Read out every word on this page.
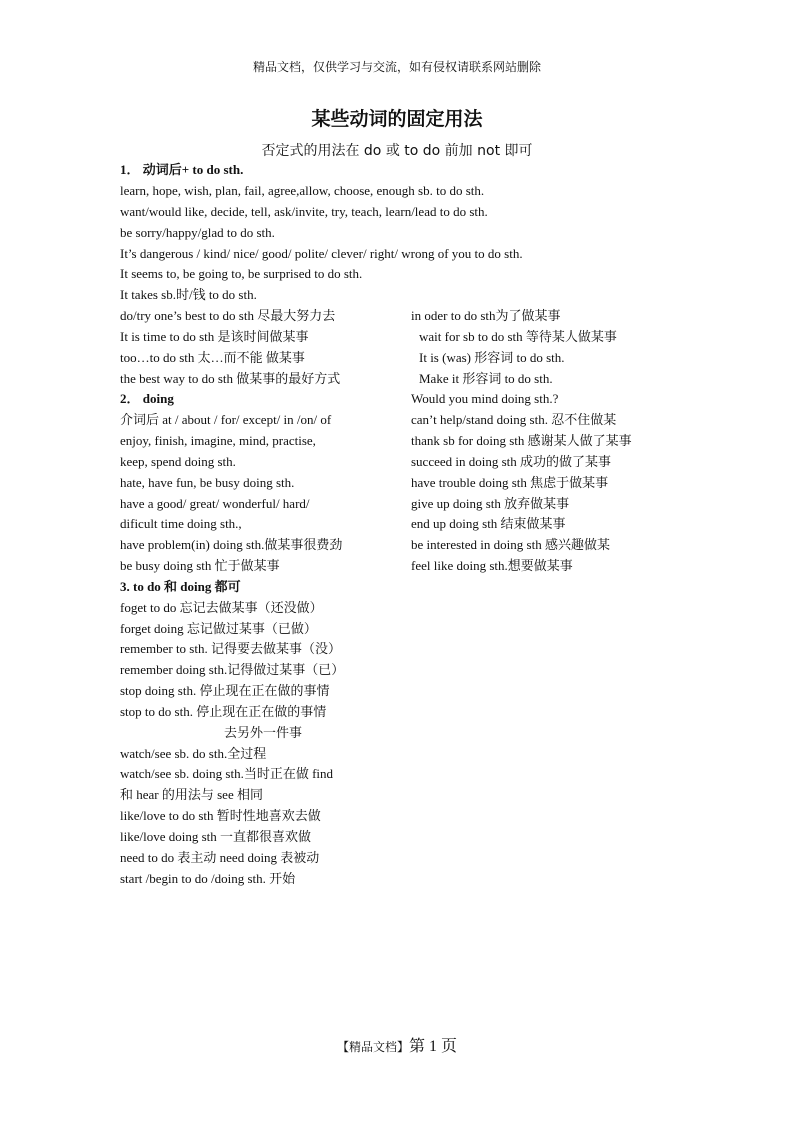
精品文档，仅供学习与交流，如有侵权请联系网站删除
某些动词的固定用法
否定式的用法在 do 或 to do 前加 not 即可
1． 动词后+ to do sth.
learn, hope, wish, plan, fail, agree,allow, choose, enough sb. to do sth.
want/would like, decide, tell, ask/invite, try, teach, learn/lead to do sth.
be sorry/happy/glad to do sth.
It’s dangerous / kind/ nice/ good/ polite/ clever/ right/ wrong of you to do sth.
It seems to, be going to, be surprised to do sth.
It takes sb.时/钱 to do sth.
do/try one’s best to do sth 尽最大努力去
It is time to do sth 是该时间做某事
too…to do sth 太…而不能 做某事
the best way to do sth 做某事的最好方式
2． doing
介词后 at / about / for/ except/ in /on/ of
enjoy, finish, imagine, mind, practise,
keep, spend doing sth.
hate, have fun, be busy doing sth.
have a good/ great/ wonderful/ hard/
dificult time doing sth.,
have problem(in) doing sth.做某事很费劲
be busy doing sth 忙于做某事
3. to do 和 doing 都可
foget to do 忘记去做某事（还没做）
forget doing 忘记做过某事（已做）
remember to sth. 记得要去做某事（没）
remember doing sth.记得做过某事（已）
stop doing sth. 停止现在正在做的事情
stop to do sth. 停止现在正在做的事情
去另外一件事
watch/see sb. do sth.全过程
watch/see sb. doing sth.当时正在做 find
和 hear 的用法与 see 相同
like/love to do sth 暂时性地喜欢去做
like/love doing sth 一直都很喜欢做
need to do 表主动 need doing 表被动
start /begin to do /doing sth. 开始
in oder to do sth为了做某事
wait for sb to do sth 等待某人做某事
It is (was) 形容词 to do sth.
Make it 形容词 to do sth.
Would you mind doing sth.?
can’t help/stand doing sth. 忍不住做某
thank sb for doing sth 感谢某人做了某事
succeed in doing sth 成功的做了某事
have trouble doing sth 焦虑于做某事
give up doing sth 放弃做某事
end up doing sth 结束做某事
be interested in doing sth 感兴趣做某
feel like doing sth.想要做某事
【精品文档】第 1 页
